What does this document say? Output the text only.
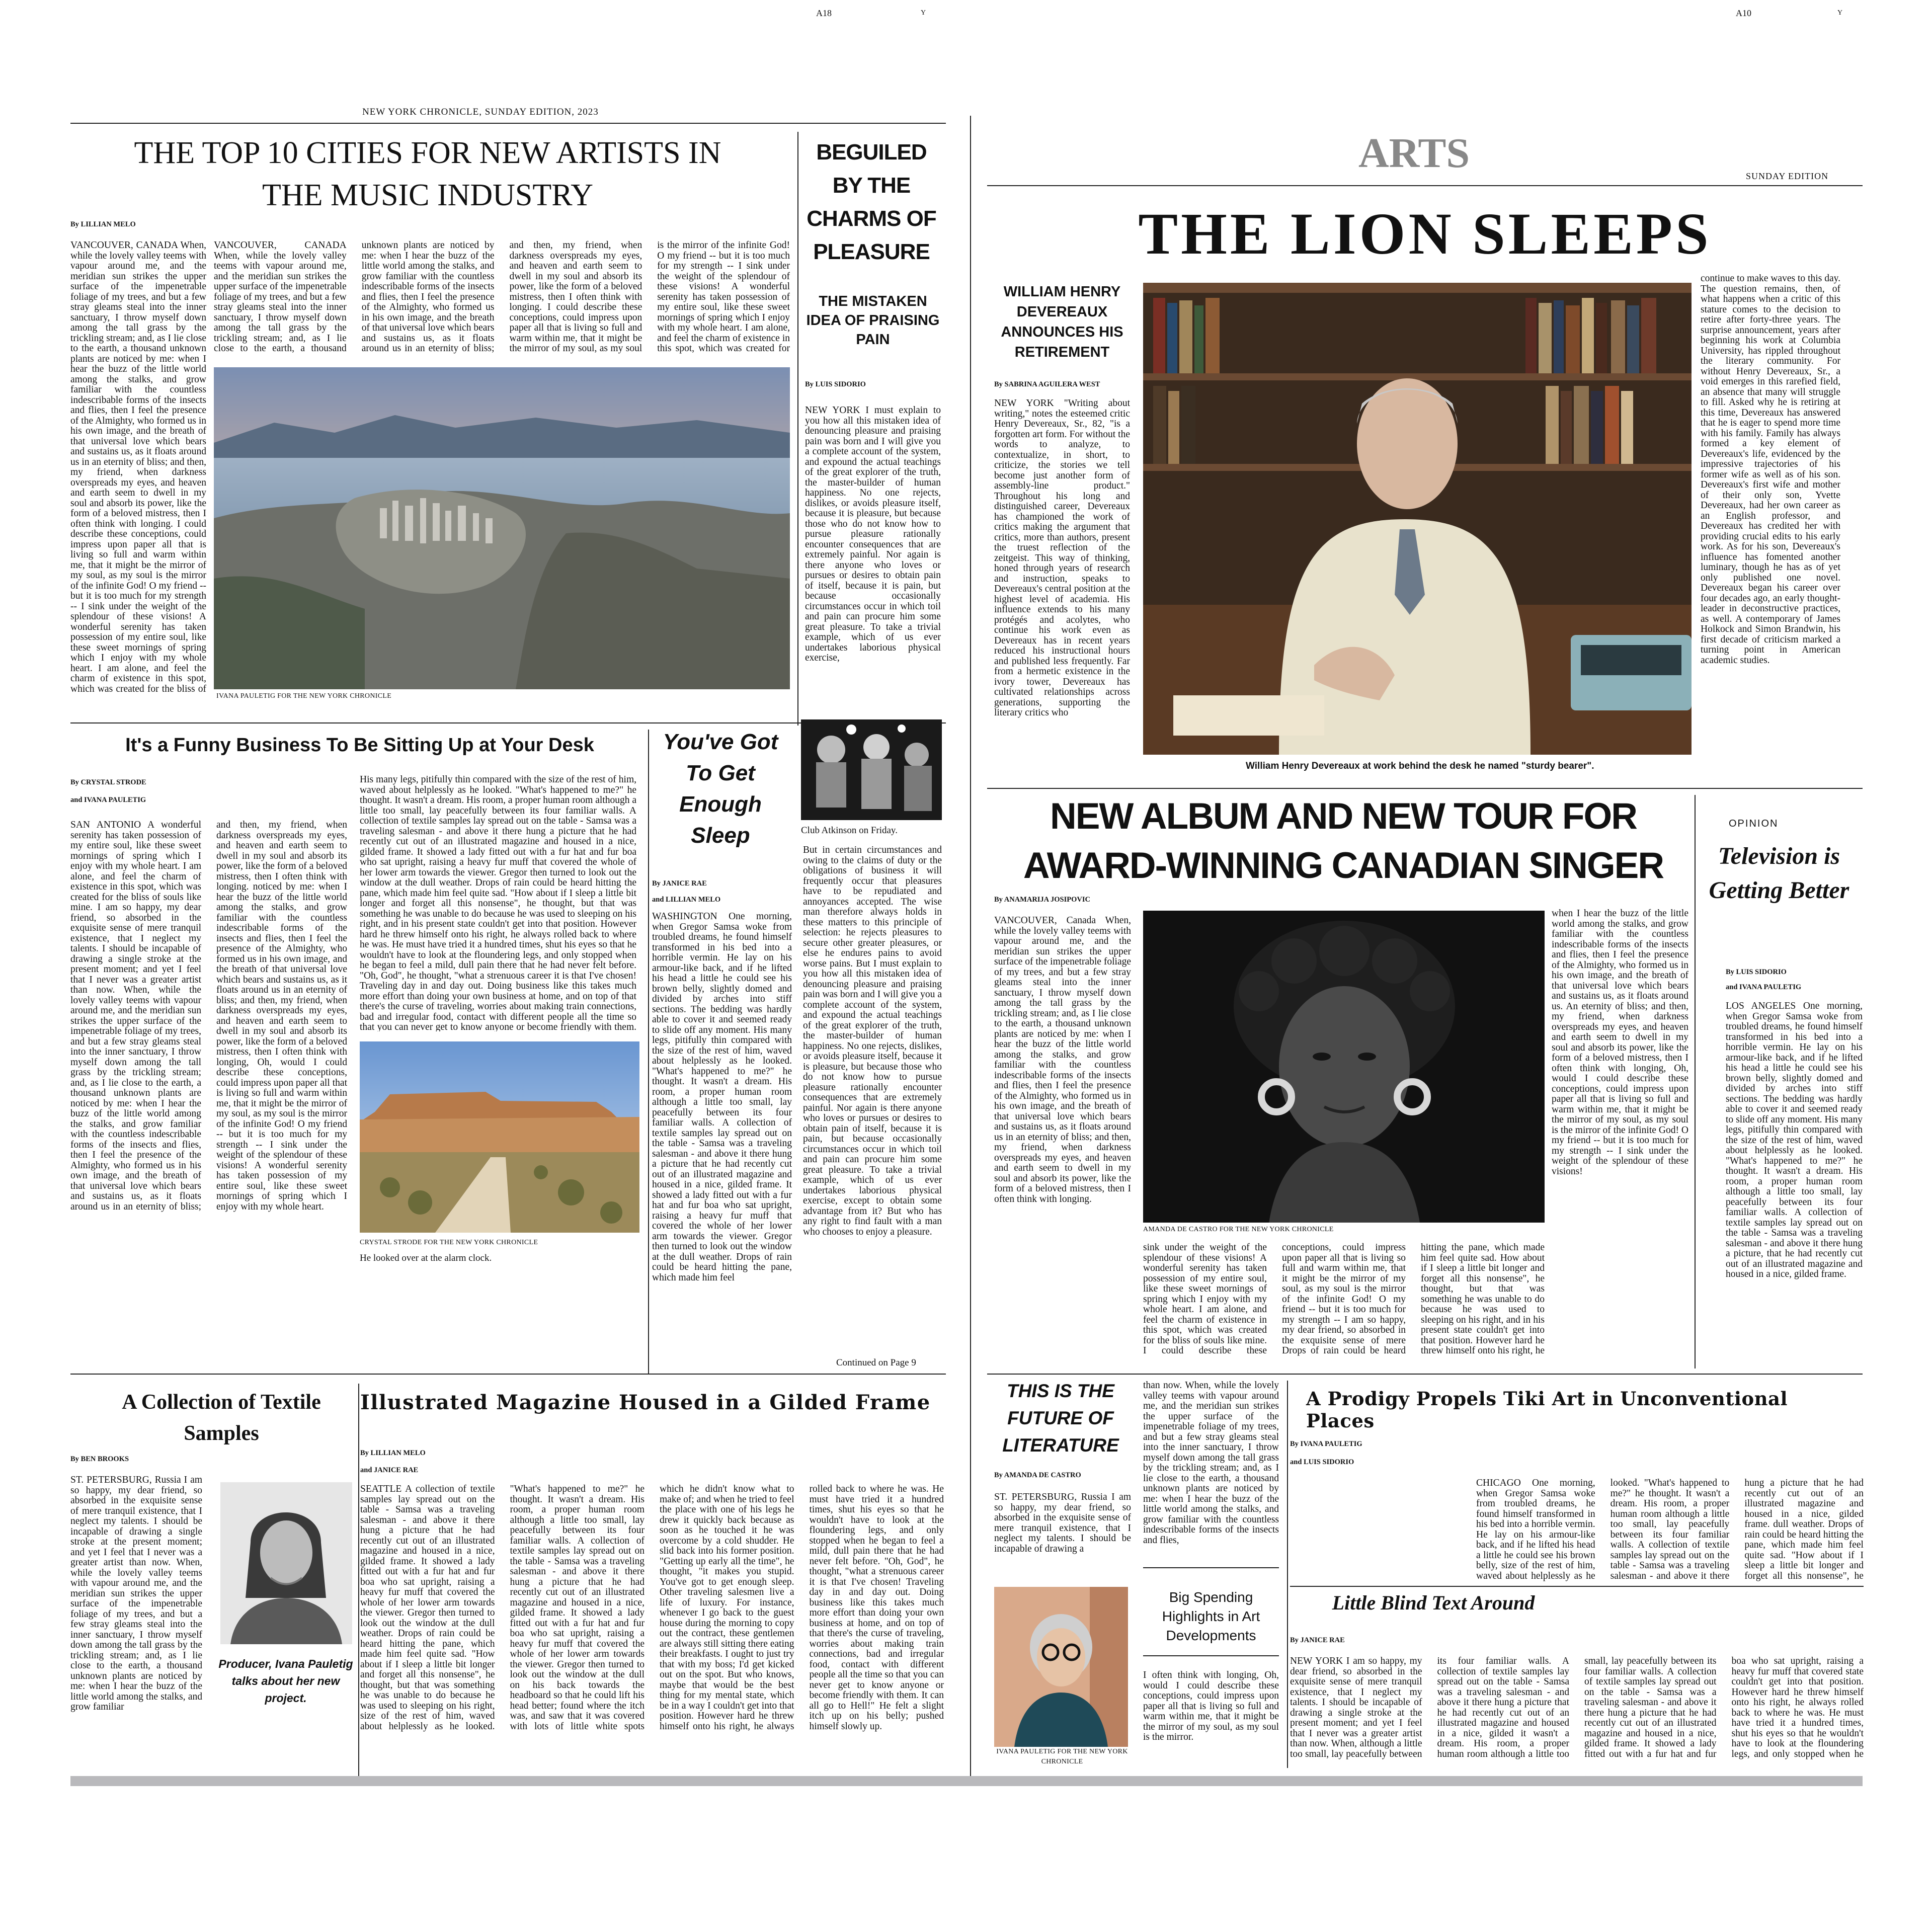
A18	Y
NEW YORK CHRONICLE, SUNDAY EDITION, 2023
A10	Y
ARTS	SUNDAY EDITION
THE TOP 10 CITIES FOR NEW ARTISTS IN THE MUSIC INDUSTRY
By LILLIAN MELO
VANCOUVER, CANADA When, while the lovely valley teems with vapour around me, and the meridian sun strikes the upper surface of the impenetrable foliage of my trees, and but a few stray gleams steal into the inner sanctuary, I throw myself down among the tall grass by the trickling stream; and, as I lie close to the earth, a thousand unknown plants are noticed by me: when I hear the buzz of the little world among the stalks, and grow familiar with the countless indescribable forms of the insects and flies, then I feel the presence of the Almighty, who formed us in his own image, and the breath of that universal love which bears and sustains us, as it floats around us in an eternity of bliss; and then, my friend, when darkness overspreads my eyes, and heaven and earth seem to dwell in my soul and absorb its power, like the form of a beloved mistress, then I often think with longing. I could describe these conceptions, could impress upon paper all that is living so full and warm within me, that it might be the mirror of my soul, as my soul is the mirror of the infinite God! O my friend -- but it is too much for my strength -- I sink under the weight of the splendour of these visions! A wonderful serenity has taken possession of my entire soul, like these sweet mornings of spring which I enjoy with my whole heart. I am alone, and feel the charm of existence in this spot, which was created for
VANCOUVER, CANADA When, while the lovely valley teems with vapour around me, and the meridian sun strikes the upper surface of the impenetrable foliage of my trees, and but a few stray gleams steal into the inner sanctuary, I throw myself down among the tall grass by the trickling stream; and, as I lie close to the earth, a thousand unknown plants are noticed by me: when I hear the buzz of the little world among the stalks, and grow familiar with the countless indescribable forms of the insects and flies, then I feel the presence of the Almighty, who formed us in his own image, and the breath of that universal love which bears and sustains us, as it floats around us in an eternity of bliss; and then, my friend, when darkness overspreads my eyes, and heaven and earth seem to dwell in my soul and absorb its power, like the form of a beloved mistress, then I often think with longing. I could describe these conceptions, could impress upon paper all that is living so full and warm within me, that it might be the mirror of my soul, as my soul is the mirror of the infinite God! O my friend -- but it is too much for my strength -- I sink under the weight of the splendour of these visions! A wonderful serenity has taken possession of my entire soul, like these sweet mornings of spring which I enjoy with my whole heart. I am alone, and feel the charm of existence in this spot, which was created for the bliss of
IVANA PAULETIG FOR THE NEW YORK CHRONICLE
BEGUILED BY THE CHARMS OF PLEASURE
THE MISTAKEN IDEA OF PRAISING PAIN
By LUIS SIDORIO
NEW YORK I must explain to you how all this mistaken idea of denouncing pleasure and praising pain was born and I will give you a complete account of the system, and expound the actual teachings of the great explorer of the truth, the master-builder of human happiness. No one rejects, dislikes, or avoids pleasure itself, because it is pleasure, but because those who do not know how to pursue pleasure rationally encounter consequences that are extremely painful. Nor again is there anyone who loves or pursues or desires to obtain pain of itself, because it is pain, but because occasionally circumstances occur in which toil and pain can procure him some great pleasure. To take a trivial example, which of us ever undertakes laborious physical exercise,
It's a Funny Business To Be Sitting Up at Your Desk
By CRYSTAL STRODE
and IVANA PAULETIG
SAN ANTONIO A wonderful serenity has taken possession of my entire soul, like these sweet mornings of spring which I enjoy with my whole heart. I am alone, and feel the charm of existence in this spot, which was created for the bliss of souls like mine. I am so happy, my dear friend, so absorbed in the exquisite sense of mere tranquil existence, that I neglect my talents. I should be incapable of drawing a single stroke at the present moment; and yet I feel that I never was a greater artist than now. When, while the lovely valley teems with vapour around me, and the meridian sun strikes the upper surface of the impenetrable foliage of my trees, and but a few stray gleams steal into the inner sanctuary, I throw myself down among the tall grass by the trickling stream; and, as I lie close to the earth, a thousand unknown plants are noticed by me: when I hear the buzz of the little world among the stalks, and grow familiar with the countless indescribable forms of the insects and flies, then I feel the presence of the Almighty, who formed us in his own image, and the breath of that universal love which bears and sustains us, as it floats around us in an eternity of bliss; and then, my friend, when darkness overspreads my eyes, and heaven and earth seem to dwell in my soul and absorb its power, like the form of a beloved mistress, then I often think with longing. noticed by me: when I hear the buzz of the little world among the stalks, and grow familiar with the countless indescribable forms of the insects and flies, then I feel the presence of the Almighty, who formed us in his own image, and the breath of that universal love which bears and sustains us, as it floats around us in an eternity of bliss; and then, my friend, when darkness overspreads my eyes, and heaven and earth seem to dwell in my soul and absorb its power, like the form of a beloved mistress, then I often think with longing, Oh, would I could describe these conceptions, could impress upon paper all that is living so full and warm within me, that it might be the mirror of my soul, as my soul is the mirror of the infinite God! O my friend -- but it is too much for my strength -- I sink under the weight of the splendour of these visions! A wonderful serenity has taken possession of my entire soul, like these sweet mornings of spring which I enjoy with my whole heart.
His many legs, pitifully thin compared with the size of the rest of him, waved about helplessly as he looked. "What's happened to me?" he thought. It wasn't a dream. His room, a proper human room although a little too small, lay peacefully between its four familiar walls. A collection of textile samples lay spread out on the table - Samsa was a traveling salesman - and above it there hung a picture that he had recently cut out of an illustrated magazine and housed in a nice, gilded frame. It showed a lady fitted out with a fur hat and fur boa who sat upright, raising a heavy fur muff that covered the whole of her lower arm towards the viewer. Gregor then turned to look out the window at the dull weather. Drops of rain could be heard hitting the pane, which made him feel quite sad. "How about if I sleep a little bit longer and forget all this nonsense", he thought, but that was something he was unable to do because he was used to sleeping on his right, and in his present state couldn't get into that position. However hard he threw himself onto his right, he always rolled back to where he was. He must have tried it a hundred times, shut his eyes so that he wouldn't have to look at the floundering legs, and only stopped when he began to feel a mild, dull pain there that he had never felt before. "Oh, God", he thought, "what a strenuous career it is that I've chosen! Traveling day in and day out. Doing business like this takes much more effort than doing your own business at home, and on top of that there's the curse of traveling, worries about making train connections, bad and irregular food, contact with different people all the time so that you can never get to know anyone or become friendly with them.
CRYSTAL STRODE FOR THE NEW YORK CHRONICLE
He looked over at the alarm clock.
You've Got To Get Enough Sleep
By JANICE RAE
and LILLIAN MELO
WASHINGTON One morning, when Gregor Samsa woke from troubled dreams, he found himself transformed in his bed into a horrible vermin. He lay on his armour-like back, and if he lifted his head a little he could see his brown belly, slightly domed and divided by arches into stiff sections. The bedding was hardly able to cover it and seemed ready to slide off any moment. His many legs, pitifully thin compared with the size of the rest of him, waved about helplessly as he looked. "What's happened to me?" he thought. It wasn't a dream. His room, a proper human room although a little too small, lay peacefully between its four familiar walls. A collection of textile samples lay spread out on the table - Samsa was a traveling salesman - and above it there hung a picture that he had recently cut out of an illustrated magazine and housed in a nice, gilded frame. It showed a lady fitted out with a fur hat and fur boa who sat upright, raising a heavy fur muff that covered the whole of her lower arm towards the viewer. Gregor then turned to look out the window at the dull weather. Drops of rain could be heard hitting the pane, which made him feel
Club Atkinson on Friday.
But in certain circumstances and owing to the claims of duty or the obligations of business it will frequently occur that pleasures have to be repudiated and annoyances accepted. The wise man therefore always holds in these matters to this principle of selection: he rejects pleasures to secure other greater pleasures, or else he endures pains to avoid worse pains. But I must explain to you how all this mistaken idea of denouncing pleasure and praising pain was born and I will give you a complete account of the system, and expound the actual teachings of the great explorer of the truth, the master-builder of human happiness. No one rejects, dislikes, or avoids pleasure itself, because it is pleasure, but because those who do not know how to pursue pleasure rationally encounter consequences that are extremely painful. Nor again is there anyone who loves or pursues or desires to obtain pain of itself, because it is pain, but because occasionally circumstances occur in which toil and pain can procure him some great pleasure. To take a trivial example, which of us ever undertakes laborious physical exercise, except to obtain some advantage from it? But who has any right to find fault with a man who chooses to enjoy a pleasure.
Continued on Page 9
A Collection of Textile Samples
By BEN BROOKS
ST. PETERSBURG, Russia I am so happy, my dear friend, so absorbed in the exquisite sense of mere tranquil existence, that I neglect my talents. I should be incapable of drawing a single stroke at the present moment; and yet I feel that I never was a greater artist than now. When, while the lovely valley teems with vapour around me, and the meridian sun strikes the upper surface of the impenetrable foliage of my trees, and but a few stray gleams steal into the inner sanctuary, I throw myself down among the tall grass by the trickling stream; and, as I lie close to the earth, a thousand unknown plants are noticed by me: when I hear the buzz of the little world among the stalks, and grow familiar
Producer, Ivana Pauletig talks about her new project.
Illustrated Magazine Housed in a Gilded Frame
By LILLIAN MELO
and JANICE RAE
SEATTLE A collection of textile samples lay spread out on the table - Samsa was a traveling salesman - and above it there hung a picture that he had recently cut out of an illustrated magazine and housed in a nice, gilded frame. It showed a lady fitted out with a fur hat and fur boa who sat upright, raising a heavy fur muff that covered the whole of her lower arm towards the viewer. Gregor then turned to look out the window at the dull weather. Drops of rain could be heard hitting the pane, which made him feel quite sad. "How about if I sleep a little bit longer and forget all this nonsense", he thought, but that was something he was unable to do because he was used to sleeping on his right, size of the rest of him, waved about helplessly as he looked. "What's happened to me?" he thought. It wasn't a dream. His room, a proper human room although a little too small, lay peacefully between its four familiar walls. A collection of textile samples lay spread out on the table - Samsa was a traveling salesman - and above it there hung a picture that he had recently cut out of an illustrated magazine and housed in a nice, gilded frame. It showed a lady fitted out with a fur hat and fur boa who sat upright, raising a heavy fur muff that covered the whole of her lower arm towards the viewer. Gregor then turned to look out the window at the dull on his back towards the headboard so that he could lift his head better; found where the itch was, and saw that it was covered with lots of little white spots which he didn't know what to make of; and when he tried to feel the place with one of his legs he drew it quickly back because as soon as he touched it he was overcome by a cold shudder. He slid back into his former position. "Getting up early all the time", he thought, "it makes you stupid. You've got to get enough sleep. Other traveling salesmen live a life of luxury. For instance, whenever I go back to the guest house during the morning to copy out the contract, these gentlemen are always still sitting there eating their breakfasts. I ought to just try that with my boss; I'd get kicked out on the spot. But who knows, maybe that would be the best thing for my mental state, which be in a way I couldn't get into that position. However hard he threw himself onto his right, he always rolled back to where he was. He must have tried it a hundred times, shut his eyes so that he wouldn't have to look at the floundering legs, and only stopped when he began to feel a mild, dull pain there that he had never felt before. "Oh, God", he thought, "what a strenuous career it is that I've chosen! Traveling day in and day out. Doing business like this takes much more effort than doing your own business at home, and on top of that there's the curse of traveling, worries about making train connections, bad and irregular food, contact with different people all the time so that you can never get to know anyone or become friendly with them. It can all go to Hell!" He felt a slight itch up on his belly; pushed himself slowly up.
THE LION SLEEPS
WILLIAM HENRY DEVEREAUX ANNOUNCES HIS RETIREMENT
By SABRINA AGUILERA WEST
NEW YORK "Writing about writing," notes the esteemed critic Henry Devereaux, Sr., 82, "is a forgotten art form. For without the words to analyze, to contextualize, in short, to criticize, the stories we tell become just another form of assembly-line product." Throughout his long and distinguished career, Devereaux has championed the work of critics making the argument that critics, more than authors, present the truest reflection of the zeitgeist. This way of thinking, honed through years of research and instruction, speaks to Devereaux's central position at the highest level of academia. His influence extends to his many protégés and acolytes, who continue his work even as Devereaux has in recent years reduced his instructional hours and published less frequently. Far from a hermetic existence in the ivory tower, Devereaux has cultivated relationships across generations, supporting the literary critics who
William Henry Devereaux at work behind the desk he named "sturdy bearer".
continue to make waves to this day. The question remains, then, of what happens when a critic of this stature comes to the decision to retire after forty-three years. The surprise announcement, years after beginning his work at Columbia University, has rippled throughout the literary community. For without Henry Devereaux, Sr., a void emerges in this rarefied field, an absence that many will struggle to fill. Asked why he is retiring at this time, Devereaux has answered that he is eager to spend more time with his family. Family has always formed a key element of Devereaux's life, evidenced by the impressive trajectories of his former wife as well as of his son. Devereaux's first wife and mother of their only son, Yvette Devereaux, had her own career as an English professor, and Devereaux has credited her with providing crucial edits to his early work. As for his son, Devereaux's influence has fomented another luminary, though he has as of yet only published one novel. Devereaux began his career over four decades ago, an early thought-leader in deconstructive practices, as well. A contemporary of James Holkock and Simon Brandwin, his first decade of criticism marked a turning point in American academic studies.
NEW ALBUM AND NEW TOUR FOR AWARD-WINNING CANADIAN SINGER
By ANAMARIJA JOSIPOVIC
VANCOUVER, Canada When, while the lovely valley teems with vapour around me, and the meridian sun strikes the upper surface of the impenetrable foliage of my trees, and but a few stray gleams steal into the inner sanctuary, I throw myself down among the tall grass by the trickling stream; and, as I lie close to the earth, a thousand unknown plants are noticed by me: when I hear the buzz of the little world among the stalks, and grow familiar with the countless indescribable forms of the insects and flies, then I feel the presence of the Almighty, who formed us in his own image, and the breath of that universal love which bears and sustains us, as it floats around us in an eternity of bliss; and then, my friend, when darkness overspreads my eyes, and heaven and earth seem to dwell in my soul and absorb its power, like the form of a beloved mistress, then I often think with longing.
AMANDA DE CASTRO FOR THE NEW YORK CHRONICLE
when I hear the buzz of the little world among the stalks, and grow familiar with the countless indescribable forms of the insects and flies, then I feel the presence of the Almighty, who formed us in his own image, and the breath of that universal love which bears and sustains us, as it floats around us. An eternity of bliss; and then, my friend, when darkness overspreads my eyes, and heaven and earth seem to dwell in my soul and absorb its power, like the form of a beloved mistress, then I often think with longing, Oh, would I could describe these conceptions, could impress upon paper all that is living so full and warm within me, that it might be the mirror of my soul, as my soul is the mirror of the infinite God! O my friend -- but it is too much for my strength -- I sink under the weight of the splendour of these visions!
sink under the weight of the splendour of these visions! A wonderful serenity has taken possession of my entire soul, like these sweet mornings of spring which I enjoy with my whole heart. I am alone, and feel the charm of existence in this spot, which was created for the bliss of souls like mine. I could describe these conceptions, could impress upon paper all that is living so full and warm within me, that it might be the mirror of my soul, as my soul is the mirror of the infinite God! O my friend -- but it is too much for my strength -- I am so happy, my dear friend, so absorbed in the exquisite sense of mere Drops of rain could be heard hitting the pane, which made him feel quite sad. How about if I sleep a little bit longer and forget all this nonsense", he thought, but that was something he was unable to do because he was used to sleeping on his right, and in his present state couldn't get into that position. However hard he threw himself onto his right, he
OPINION
Television is Getting Better
By LUIS SIDORIO
and IVANA PAULETIG
LOS ANGELES One morning, when Gregor Samsa woke from troubled dreams, he found himself transformed in his bed into a horrible vermin. He lay on his armour-like back, and if he lifted his head a little he could see his brown belly, slightly domed and divided by arches into stiff sections. The bedding was hardly able to cover it and seemed ready to slide off any moment. His many legs, pitifully thin compared with the size of the rest of him, waved about helplessly as he looked. "What's happened to me?" he thought. It wasn't a dream. His room, a proper human room although a little too small, lay peacefully between its four familiar walls. A collection of textile samples lay spread out on the table - Samsa was a traveling salesman - and above it there hung a picture, that he had recently cut out of an illustrated magazine and housed in a nice, gilded frame.
THIS IS THE FUTURE OF LITERATURE
By AMANDA DE CASTRO
ST. PETERSBURG, Russia I am so happy, my dear friend, so absorbed in the exquisite sense of mere tranquil existence, that I neglect my talents. I should be incapable of drawing a
IVANA PAULETIG FOR THE NEW YORK CHRONICLE
than now. When, while the lovely valley teems with vapour around me, and the meridian sun strikes the upper surface of the impenetrable foliage of my trees, and but a few stray gleams steal into the inner sanctuary, I throw myself down among the tall grass by the trickling stream; and, as I lie close to the earth, a thousand unknown plants are noticed by me: when I hear the buzz of the little world among the stalks, and grow familiar with the countless indescribable forms of the insects and flies,
Big Spending Highlights in Art Developments
I often think with longing, Oh, would I could describe these conceptions, could impress upon paper all that is living so full and warm within me, that it might be the mirror of my soul, as my soul is the mirror.
A Prodigy Propels Tiki Art in Unconventional Places
By IVANA PAULETIG
and LUIS SIDORIO
CHICAGO One morning, when Gregor Samsa woke from troubled dreams, he found himself transformed in his bed into a horrible vermin. He lay on his armour-like back, and if he lifted his head a little he could see his brown belly, size of the rest of him, waved about helplessly as he looked. "What's happened to me?" he thought. It wasn't a dream. His room, a proper human room although a little too small, lay peacefully between its four familiar walls. A collection of textile samples lay spread out on the table - Samsa was a traveling salesman - and above it there hung a picture that he had recently cut out of an illustrated magazine and housed in a nice, gilded frame. dull weather. Drops of rain could be heard hitting the pane, which made him feel quite sad. "How about if I sleep a little bit longer and forget all this nonsense", he
Little Blind Text Around
By JANICE RAE
NEW YORK I am so happy, my dear friend, so absorbed in the exquisite sense of mere tranquil existence, that I neglect my talents. I should be incapable of drawing a single stroke at the present moment; and yet I feel that I never was a greater artist than now. When, although a little too small, lay peacefully between its four familiar walls. A collection of textile samples lay spread out on the table - Samsa was a traveling salesman - and above it there hung a picture that he had recently cut out of an illustrated magazine and housed in a nice, gilded it wasn't a dream. His room, a proper human room although a little too small, lay peacefully between its four familiar walls. A collection of textile samples lay spread out on the table - Samsa was a traveling salesman - and above it there hung a picture that he had recently cut out of an illustrated magazine and housed in a nice, gilded frame. It showed a lady fitted out with a fur hat and fur boa who sat upright, raising a heavy fur muff that covered state couldn't get into that position. However hard he threw himself onto his right, he always rolled back to where he was. He must have tried it a hundred times, shut his eyes so that he wouldn't have to look at the floundering legs, and only stopped when he
